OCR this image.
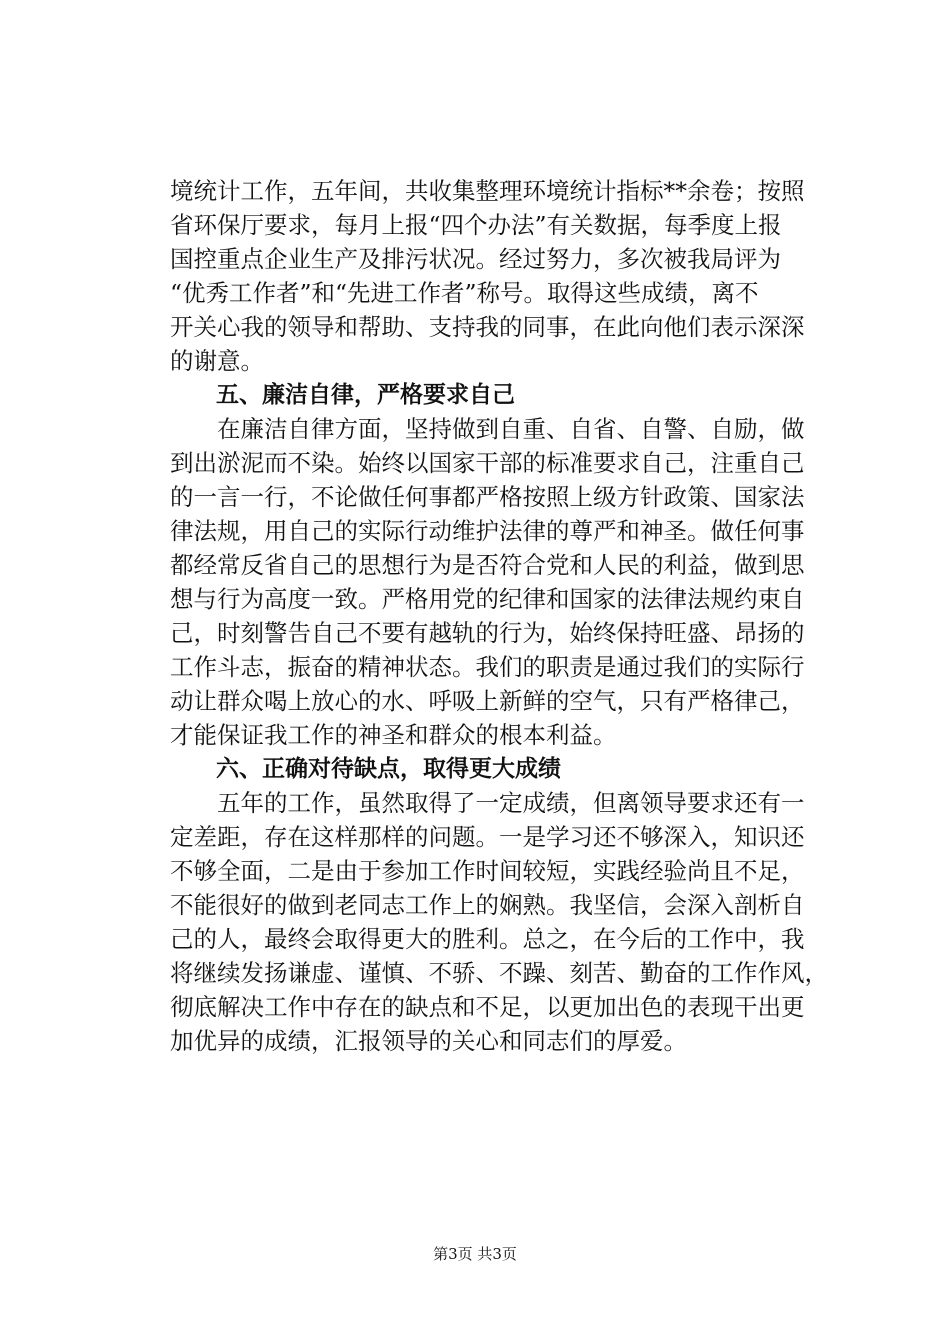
境统计工作，五年间，共收集整理环境统计指标**余卷；按照
省环保厅要求，每月上报“四个办法”有关数据，每季度上报
国控重点企业生产及排污状况。经过努力，多次被我局评为
“优秀工作者”和“先进工作者”称号。取得这些成绩，离不
开关心我的领导和帮助、支持我的同事，在此向他们表示深深
的谢意。
　　五、廉洁自律，严格要求自己
　　在廉洁自律方面，坚持做到自重、自省、自警、自励，做
到出淤泥而不染。始终以国家干部的标准要求自己，注重自己
的一言一行，不论做任何事都严格按照上级方针政策、国家法
律法规，用自己的实际行动维护法律的尊严和神圣。做任何事
都经常反省自己的思想行为是否符合党和人民的利益，做到思
想与行为高度一致。严格用党的纪律和国家的法律法规约束自
己，时刻警告自己不要有越轨的行为，始终保持旺盛、昂扬的
工作斗志，振奋的精神状态。我们的职责是通过我们的实际行
动让群众喝上放心的水、呼吸上新鲜的空气，只有严格律己，
才能保证我工作的神圣和群众的根本利益。
　　六、正确对待缺点，取得更大成绩
　　五年的工作，虽然取得了一定成绩，但离领导要求还有一
定差距，存在这样那样的问题。一是学习还不够深入，知识还
不够全面，二是由于参加工作时间较短，实践经验尚且不足，
不能很好的做到老同志工作上的娴熟。我坚信，会深入剖析自
己的人，最终会取得更大的胜利。总之，在今后的工作中，我
将继续发扬谦虚、谨慎、不骄、不躁、刻苦、勤奋的工作作风，
彻底解决工作中存在的缺点和不足，以更加出色的表现干出更
加优异的成绩，汇报领导的关心和同志们的厚爱。
第3页 共3页
